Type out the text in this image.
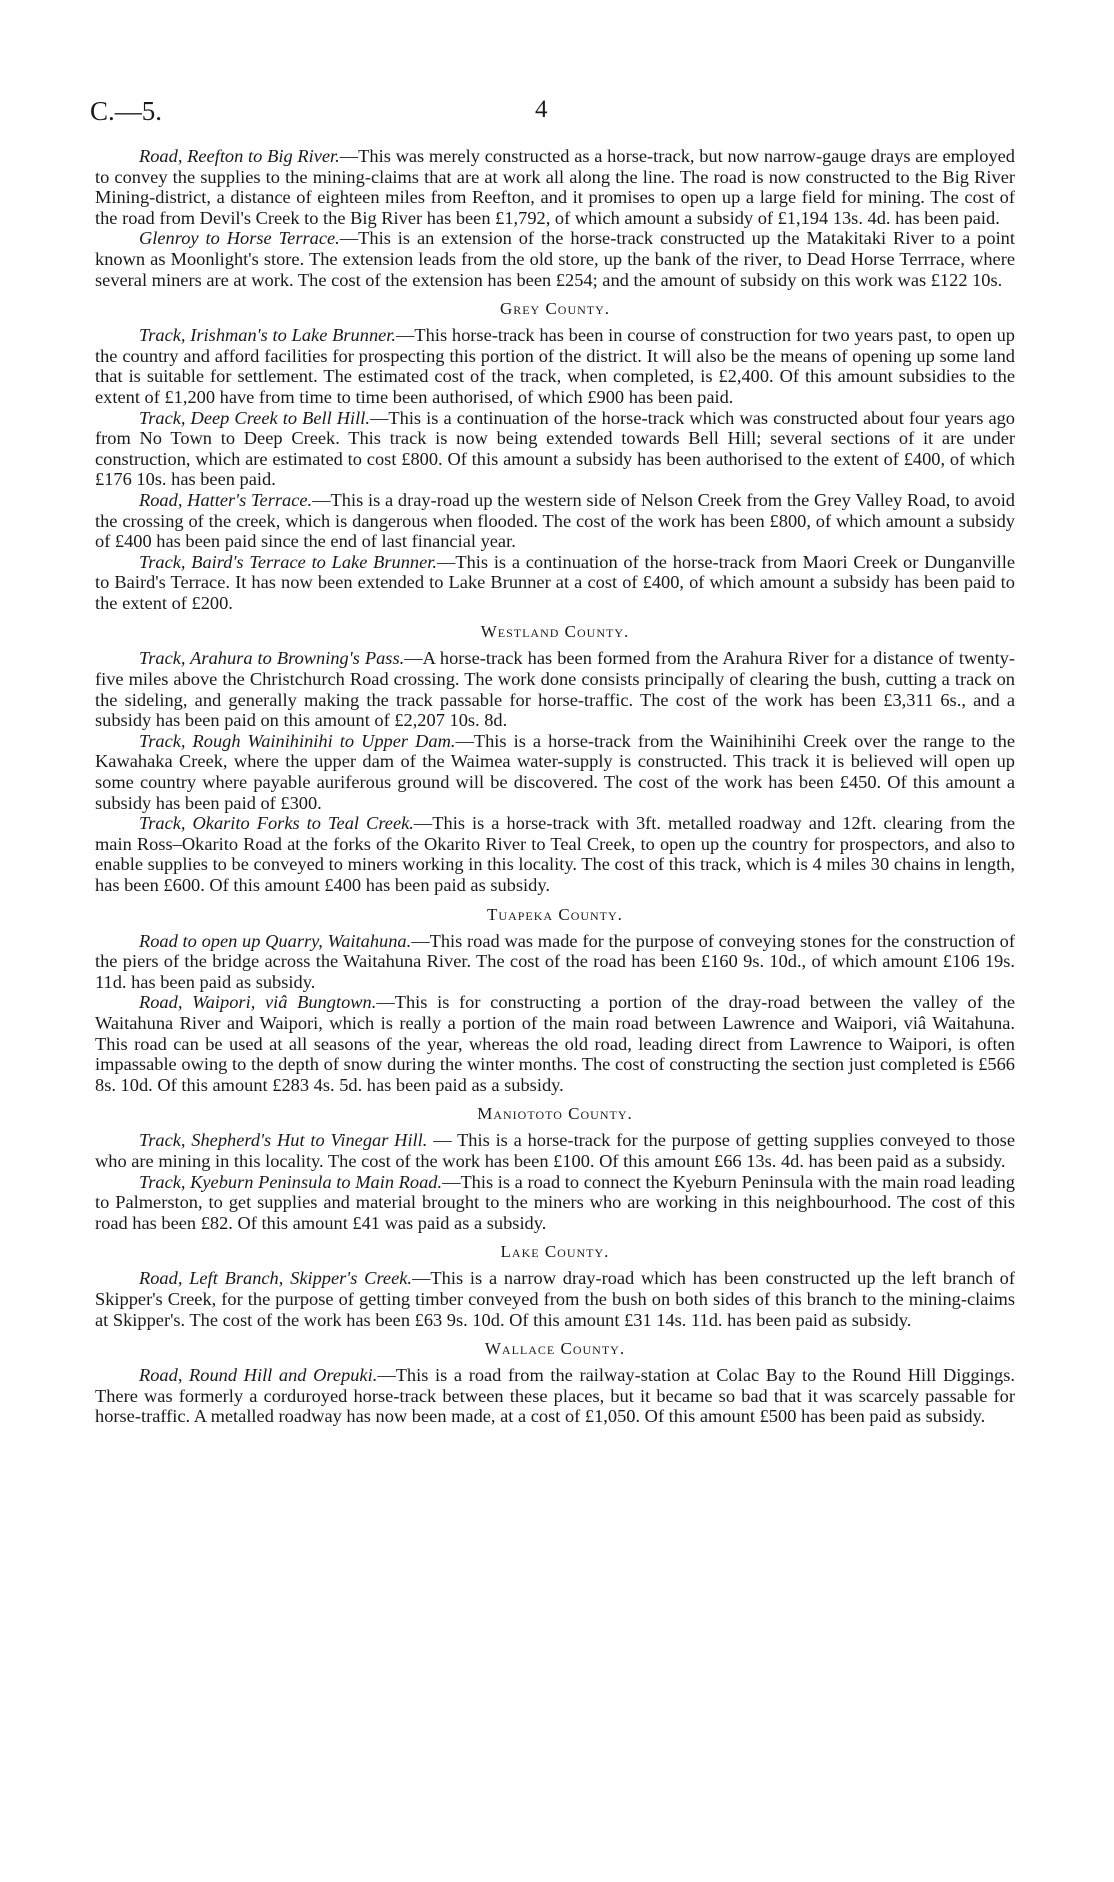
C.—5.	4

Road, Reefton to Big River.—This was merely constructed as a horse-track, but now narrow-gauge drays are employed to convey the supplies to the mining-claims that are at work all along the line. The road is now constructed to the Big River Mining-district, a distance of eighteen miles from Reefton, and it promises to open up a large field for mining. The cost of the road from Devil's Creek to the Big River has been £1,792, of which amount a subsidy of £1,194 13s. 4d. has been paid.

Glenroy to Horse Terrace.—This is an extension of the horse-track constructed up the Matakitaki River to a point known as Moonlight's store. The extension leads from the old store, up the bank of the river, to Dead Horse Terrrace, where several miners are at work. The cost of the extension has been £254; and the amount of subsidy on this work was £122 10s.

Grey County.

Track, Irishman's to Lake Brunner.—This horse-track has been in course of construction for two years past, to open up the country and afford facilities for prospecting this portion of the district. It will also be the means of opening up some land that is suitable for settlement. The estimated cost of the track, when completed, is £2,400. Of this amount subsidies to the extent of £1,200 have from time to time been authorised, of which £900 has been paid.

Track, Deep Creek to Bell Hill.—This is a continuation of the horse-track which was constructed about four years ago from No Town to Deep Creek. This track is now being extended towards Bell Hill; several sections of it are under construction, which are estimated to cost £800. Of this amount a subsidy has been authorised to the extent of £400, of which £176 10s. has been paid.

Road, Hatter's Terrace.—This is a dray-road up the western side of Nelson Creek from the Grey Valley Road, to avoid the crossing of the creek, which is dangerous when flooded. The cost of the work has been £800, of which amount a subsidy of £400 has been paid since the end of last financial year.

Track, Baird's Terrace to Lake Brunner.—This is a continuation of the horse-track from Maori Creek or Dunganville to Baird's Terrace. It has now been extended to Lake Brunner at a cost of £400, of which amount a subsidy has been paid to the extent of £200.

Westland County.

Track, Arahura to Browning's Pass.—A horse-track has been formed from the Arahura River for a distance of twenty-five miles above the Christchurch Road crossing. The work done consists principally of clearing the bush, cutting a track on the sideling, and generally making the track passable for horse-traffic. The cost of the work has been £3,311 6s., and a subsidy has been paid on this amount of £2,207 10s. 8d.

Track, Rough Wainihinihi to Upper Dam.—This is a horse-track from the Wainihinihi Creek over the range to the Kawahaka Creek, where the upper dam of the Waimea water-supply is constructed. This track it is believed will open up some country where payable auriferous ground will be discovered. The cost of the work has been £450. Of this amount a subsidy has been paid of £300.

Track, Okarito Forks to Teal Creek.—This is a horse-track with 3ft. metalled roadway and 12ft. clearing from the main Ross–Okarito Road at the forks of the Okarito River to Teal Creek, to open up the country for prospectors, and also to enable supplies to be conveyed to miners working in this locality. The cost of this track, which is 4 miles 30 chains in length, has been £600. Of this amount £400 has been paid as subsidy.

Tuapeka County.

Road to open up Quarry, Waitahuna.—This road was made for the purpose of conveying stones for the construction of the piers of the bridge across the Waitahuna River. The cost of the road has been £160 9s. 10d., of which amount £106 19s. 11d. has been paid as subsidy.

Road, Waipori, viâ Bungtown.—This is for constructing a portion of the dray-road between the valley of the Waitahuna River and Waipori, which is really a portion of the main road between Lawrence and Waipori, viâ Waitahuna. This road can be used at all seasons of the year, whereas the old road, leading direct from Lawrence to Waipori, is often impassable owing to the depth of snow during the winter months. The cost of constructing the section just completed is £566 8s. 10d. Of this amount £283 4s. 5d. has been paid as a subsidy.

Maniototo County.

Track, Shepherd's Hut to Vinegar Hill. — This is a horse-track for the purpose of getting supplies conveyed to those who are mining in this locality. The cost of the work has been £100. Of this amount £66 13s. 4d. has been paid as a subsidy.

Track, Kyeburn Peninsula to Main Road.—This is a road to connect the Kyeburn Peninsula with the main road leading to Palmerston, to get supplies and material brought to the miners who are working in this neighbourhood. The cost of this road has been £82. Of this amount £41 was paid as a subsidy.

Lake County.

Road, Left Branch, Skipper's Creek.—This is a narrow dray-road which has been constructed up the left branch of Skipper's Creek, for the purpose of getting timber conveyed from the bush on both sides of this branch to the mining-claims at Skipper's. The cost of the work has been £63 9s. 10d. Of this amount £31 14s. 11d. has been paid as subsidy.

Wallace County.

Road, Round Hill and Orepuki.—This is a road from the railway-station at Colac Bay to the Round Hill Diggings. There was formerly a corduroyed horse-track between these places, but it became so bad that it was scarcely passable for horse-traffic. A metalled roadway has now been made, at a cost of £1,050. Of this amount £500 has been paid as subsidy.
